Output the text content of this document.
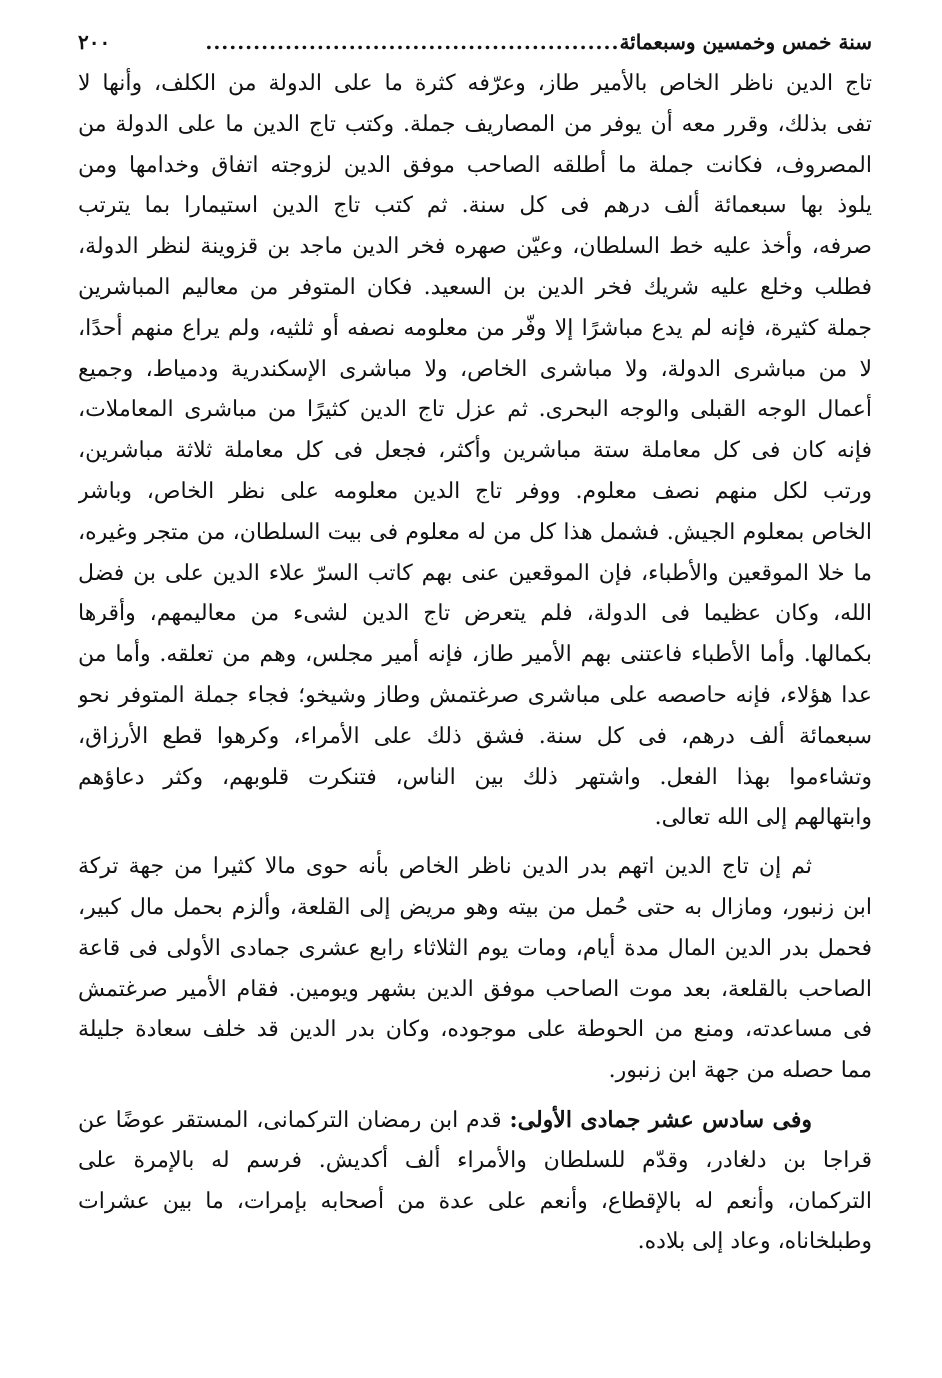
سنة خمس وخمسين وسبعمائة
....................................................
٢٠٠
تاج الدين ناظر الخاص بالأمير طاز، وعرّفه كثرة ما على الدولة من الكلف، وأنها لا
تفى بذلك، وقرر معه أن يوفر من المصاريف جملة. وكتب تاج الدين ما على الدولة من
المصروف، فكانت جملة ما أطلقه الصاحب موفق الدين لزوجته اتفاق وخدامها ومن
يلوذ بها سبعمائة ألف درهم فى كل سنة. ثم كتب تاج الدين استيمارا بما يترتب
صرفه، وأخذ عليه خط السلطان، وعيّن صهره فخر الدين ماجد بن قزوينة لنظر الدولة،
فطلب وخلع عليه شريك فخر الدين بن السعيد. فكان المتوفر من معاليم المباشرين
جملة كثيرة، فإنه لم يدع مباشرًا إلا وفّر من معلومه نصفه أو ثلثيه، ولم يراع منهم أحدًا،
لا من مباشرى الدولة، ولا مباشرى الخاص، ولا مباشرى الإسكندرية ودمياط، وجميع
أعمال الوجه القبلى والوجه البحرى. ثم عزل تاج الدين كثيرًا من مباشرى المعاملات،
فإنه كان فى كل معاملة ستة مباشرين وأكثر، فجعل فى كل معاملة ثلاثة مباشرين،
ورتب لكل منهم نصف معلوم. ووفر تاج الدين معلومه على نظر الخاص، وباشر
الخاص بمعلوم الجيش. فشمل هذا كل من له معلوم فى بيت السلطان، من متجر وغيره،
ما خلا الموقعين والأطباء، فإن الموقعين عنى بهم كاتب السرّ علاء الدين على بن فضل
الله، وكان عظيما فى الدولة، فلم يتعرض تاج الدين لشىء من معاليمهم، وأقرها
بكمالها. وأما الأطباء فاعتنى بهم الأمير طاز، فإنه أمير مجلس، وهم من تعلقه. وأما من
عدا هؤلاء، فإنه حاصصه على مباشرى صرغتمش وطاز وشيخو؛ فجاء جملة المتوفر نحو
سبعمائة ألف درهم، فى كل سنة. فشق ذلك على الأمراء، وكرهوا قطع الأرزاق،
وتشاءموا بهذا الفعل. واشتهر ذلك بين الناس، فتنكرت قلوبهم، وكثر دعاؤهم
وابتهالهم إلى الله تعالى.
ثم إن تاج الدين اتهم بدر الدين ناظر الخاص بأنه حوى مالا كثيرا من جهة تركة
ابن زنبور، ومازال به حتى حُمل من بيته وهو مريض إلى القلعة، وألزم بحمل مال كبير،
فحمل بدر الدين المال مدة أيام، ومات يوم الثلاثاء رابع عشرى جمادى الأولى فى قاعة
الصاحب بالقلعة، بعد موت الصاحب موفق الدين بشهر ويومين. فقام الأمير صرغتمش
فى مساعدته، ومنع من الحوطة على موجوده، وكان بدر الدين قد خلف سعادة جليلة
مما حصله من جهة ابن زنبور.
وفى سادس عشر جمادى الأولى: قدم ابن رمضان التركمانى، المستقر عوضًا عن
قراجا بن دلغادر، وقدّم للسلطان والأمراء ألف أكديش. فرسم له بالإمرة على
التركمان، وأنعم له بالإقطاع، وأنعم على عدة من أصحابه بإمرات، ما بين عشرات
وطبلخاناه، وعاد إلى بلاده.
